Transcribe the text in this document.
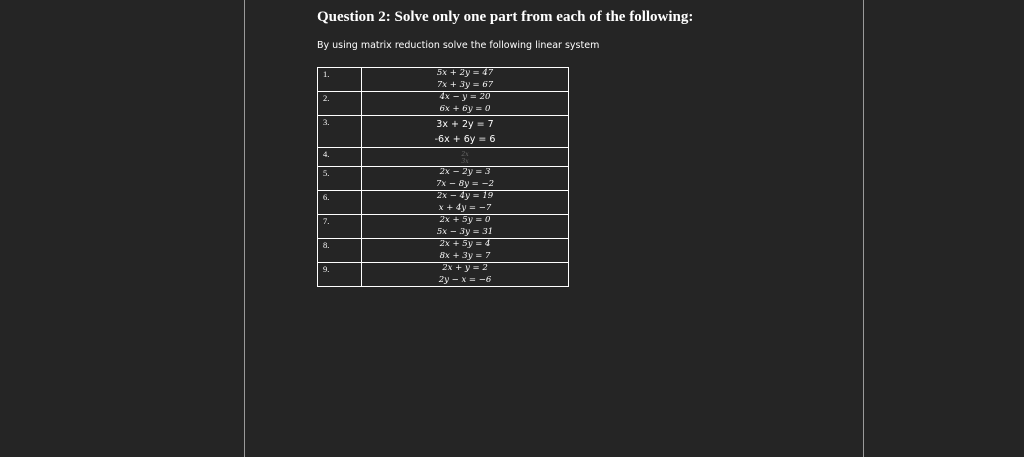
Question 2: Solve only one part from each of the following:

By using matrix reduction solve the following linear system

1.	5x + 2y = 47
7x + 3y = 67

2.	4x − y = 20
6x + 6y = 0

3.	3x + 2y = 7
-6x + 6y = 6

4.	2x
3x

5.	2x − 2y = 3
7x − 8y = −2

6.	2x − 4y = 19
x + 4y = −7

7.	2x + 5y = 0
5x − 3y = 31

8.	2x + 5y = 4
8x + 3y = 7

9.	2x + y = 2
2y − x = −6
